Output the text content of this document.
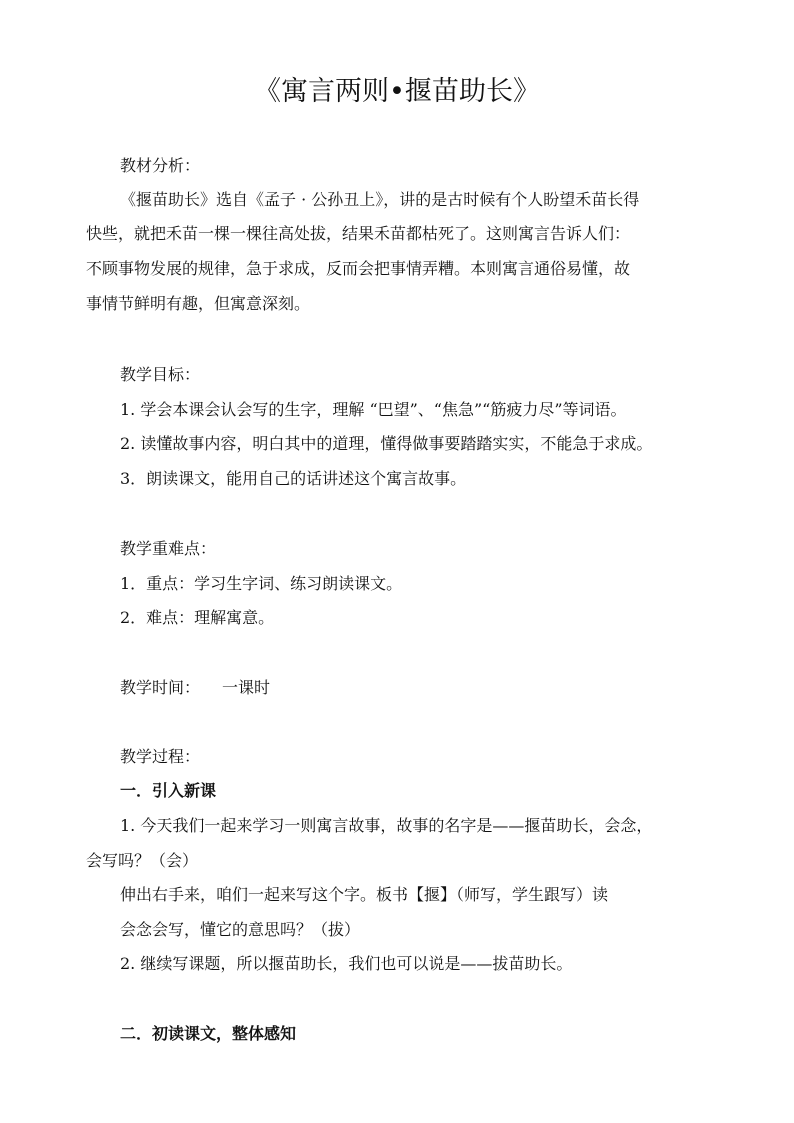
《寓言两则•揠苗助长》

教材分析：

《揠苗助长》选自《孟子 · 公孙丑上》，讲的是古时候有个人盼望禾苗长得

快些，就把禾苗一棵一棵往高处拔，结果禾苗都枯死了。这则寓言告诉人们：

不顾事物发展的规律，急于求成，反而会把事情弄糟。本则寓言通俗易懂，故

事情节鲜明有趣，但寓意深刻。

教学目标：

1. 学会本课会认会写的生字，理解 “巴望”、“焦急”“筋疲力尽”等词语。

2. 读懂故事内容，明白其中的道理，懂得做事要踏踏实实，不能急于求成。

3．朗读课文，能用自己的话讲述这个寓言故事。

教学重难点：

1．重点：学习生字词、练习朗读课文。

2．难点：理解寓意。

教学时间： 一课时

教学过程：

一．引入新课

1. 今天我们一起来学习一则寓言故事，故事的名字是——揠苗助长，会念，

会写吗？（会）

伸出右手来，咱们一起来写这个字。板书【揠】（师写，学生跟写）读

会念会写，懂它的意思吗？（拔）

2. 继续写课题，所以揠苗助长，我们也可以说是——拔苗助长。

二．初读课文，整体感知
